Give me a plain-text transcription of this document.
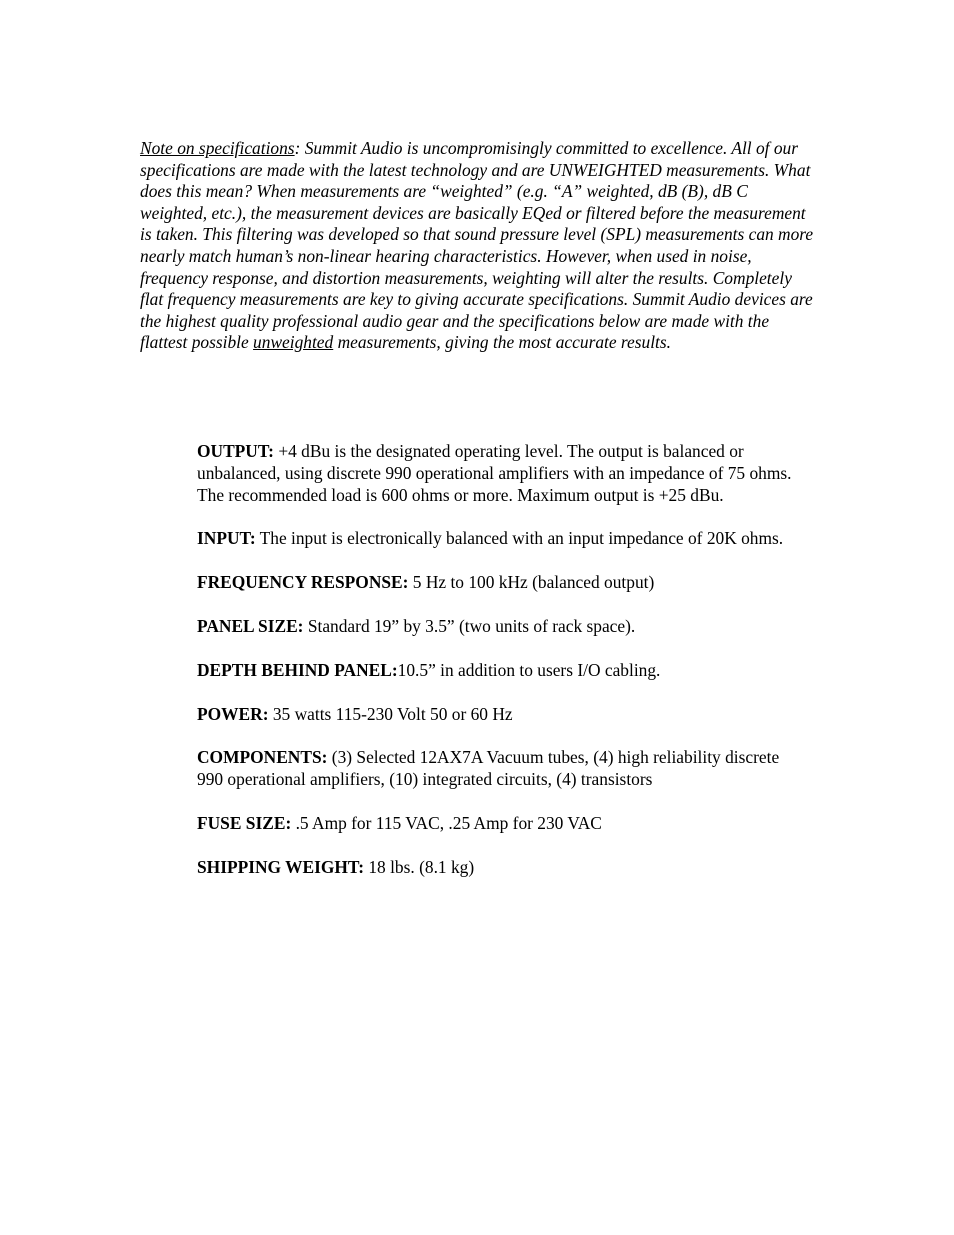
Note on specifications: Summit Audio is uncompromisingly committed to excellence. All of our specifications are made with the latest technology and are UNWEIGHTED measurements. What does this mean? When measurements are “weighted” (e.g. “A” weighted, dB (B), dB C weighted, etc.), the measurement devices are basically EQed or filtered before the measurement is taken. This filtering was developed so that sound pressure level (SPL) measurements can more nearly match human’s non-linear hearing characteristics. However, when used in noise, frequency response, and distortion measurements, weighting will alter the results. Completely flat frequency measurements are key to giving accurate specifications. Summit Audio devices are the highest quality professional audio gear and the specifications below are made with the flattest possible unweighted measurements, giving the most accurate results.

OUTPUT: +4 dBu is the designated operating level. The output is balanced or unbalanced, using discrete 990 operational amplifiers with an impedance of 75 ohms. The recommended load is 600 ohms or more. Maximum output is +25 dBu.

INPUT: The input is electronically balanced with an input impedance of 20K ohms.

FREQUENCY RESPONSE: 5 Hz to 100 kHz (balanced output)

PANEL SIZE: Standard 19” by 3.5” (two units of rack space).

DEPTH BEHIND PANEL:10.5” in addition to users I/O cabling.

POWER: 35 watts 115-230 Volt 50 or 60 Hz

COMPONENTS: (3) Selected 12AX7A Vacuum tubes, (4) high reliability discrete 990 operational amplifiers, (10) integrated circuits, (4) transistors

FUSE SIZE: .5 Amp for 115 VAC, .25 Amp for 230 VAC

SHIPPING WEIGHT: 18 lbs. (8.1 kg)
